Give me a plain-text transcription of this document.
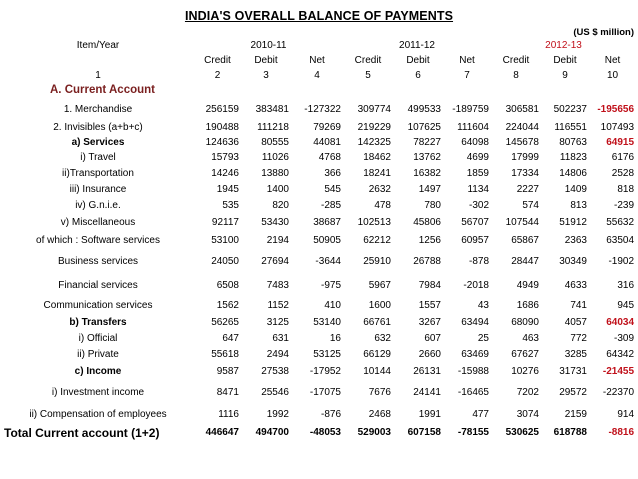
INDIA'S OVERALL BALANCE OF PAYMENTS
(US $ million)									
Item/Year	2010-11			2011-12			2012-13		
	Credit	Debit	Net	Credit	Debit	Net	Credit	Debit	Net
1	2	3	4	5	6	7	8	9	10
A. Current Account									
1. Merchandise	256159	383481	-127322	309774	499533	-189759	306581	502237	-195656
2. Invisibles (a+b+c)	190488	111218	79269	219229	107625	111604	224044	116551	107493
a) Services	124636	80555	44081	142325	78227	64098	145678	80763	64915
i) Travel	15793	11026	4768	18462	13762	4699	17999	11823	6176
ii)Transportation	14246	13880	366	18241	16382	1859	17334	14806	2528
iii) Insurance	1945	1400	545	2632	1497	1134	2227	1409	818
iv) G.n.i.e.	535	820	-285	478	780	-302	574	813	-239
v) Miscellaneous	92117	53430	38687	102513	45806	56707	107544	51912	55632
of which : Software services	53100	2194	50905	62212	1256	60957	65867	2363	63504
Business services	24050	27694	-3644	25910	26788	-878	28447	30349	-1902
Financial services	6508	7483	-975	5967	7984	-2018	4949	4633	316
Communication services	1562	1152	410	1600	1557	43	1686	741	945
b) Transfers	56265	3125	53140	66761	3267	63494	68090	4057	64034
i) Official	647	631	16	632	607	25	463	772	-309
ii) Private	55618	2494	53125	66129	2660	63469	67627	3285	64342
c) Income	9587	27538	-17952	10144	26131	-15988	10276	31731	-21455
i) Investment income	8471	25546	-17075	7676	24141	-16465	7202	29572	-22370
ii) Compensation of employees	1116	1992	-876	2468	1991	477	3074	2159	914
Total Current account (1+2)	446647	494700	-48053	529003	607158	-78155	530625	618788	-8816
